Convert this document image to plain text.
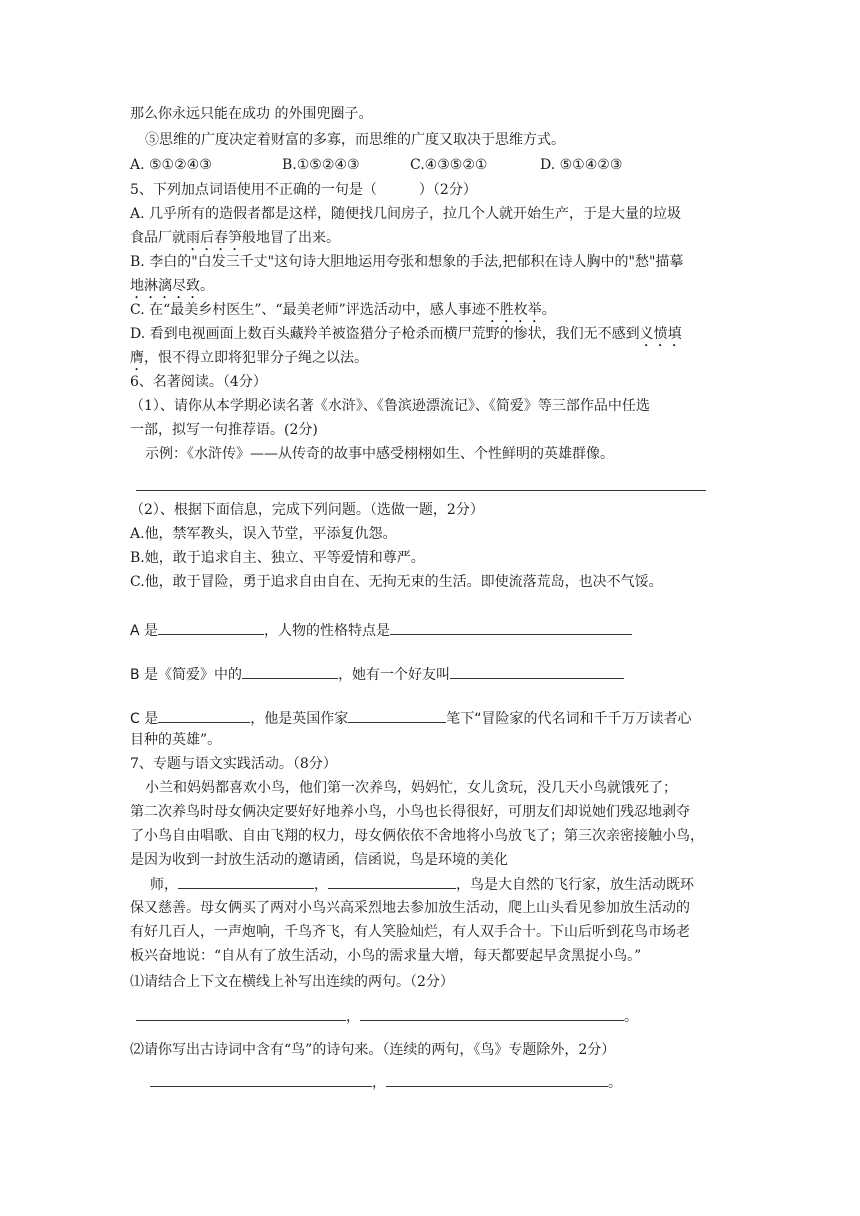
那么你永远只能在成功 的外围兜圈子。
⑤思维的广度决定着财富的多寡，而思维的广度又取决于思维方式。
A. ⑤①②④③	B.①⑤②④③	C.④③⑤②①	D. ⑤①④②③
5、下列加点词语使用不正确的一句是（　　　）（2分）
A. 几乎所有的造假者都是这样，随便找几间房子，拉几个人就开始生产，于是大量的垃圾
食品厂就雨后春笋般地冒了出来。
B. 李白的"白发三千丈"这句诗大胆地运用夸张和想象的手法,把郁积在诗人胸中的"愁"描摹
地淋漓尽致。
C. 在“最美乡村医生”、“最美老师”评选活动中，感人事迹不胜枚举。
D. 看到电视画面上数百头藏羚羊被盗猎分子枪杀而横尸荒野的惨状，我们无不感到义愤填
膺，恨不得立即将犯罪分子绳之以法。
6、名著阅读。（4分）
（1）、请你从本学期必读名著《水浒》、《鲁滨逊漂流记》、《简爱》等三部作品中任选
一部，拟写一句推荐语。(2分)
示例：《水浒传》——从传奇的故事中感受栩栩如生、个性鲜明的英雄群像。
（2）、根据下面信息，完成下列问题。（选做一题，2分）
A.他，禁军教头，误入节堂，平添复仇怨。
B.她，敢于追求自主、独立、平等爱情和尊严。
C.他，敢于冒险，勇于追求自由自在、无拘无束的生活。即使流落荒岛，也决不气馁。
A 是	，人物的性格特点是
B 是《简爱》中的	，她有一个好友叫
C 是	，他是英国作家	笔下“冒险家的代名词和千千万万读者心
目种的英雄”。
7、专题与语文实践活动。（8分）
小兰和妈妈都喜欢小鸟，他们第一次养鸟，妈妈忙，女儿贪玩，没几天小鸟就饿死了；
第二次养鸟时母女俩决定要好好地养小鸟，小鸟也长得很好，可朋友们却说她们残忍地剥夺
了小鸟自由唱歌、自由飞翔的权力，母女俩依依不舍地将小鸟放飞了；第三次亲密接触小鸟，
是因为收到一封放生活动的邀请函，信函说，鸟是环境的美化
师，	，	，鸟是大自然的飞行家，放生活动既环
保又慈善。母女俩买了两对小鸟兴高采烈地去参加放生活动，爬上山头看见参加放生活动的
有好几百人，一声炮响，千鸟齐飞，有人笑脸灿烂，有人双手合十。下山后听到花鸟市场老
板兴奋地说：“自从有了放生活动，小鸟的需求量大增，每天都要起早贪黑捉小鸟。”
⑴请结合上下文在横线上补写出连续的两句。（2分）
，	。
⑵请你写出古诗词中含有“鸟”的诗句来。（连续的两句，《鸟》专题除外，2分）
，	。
